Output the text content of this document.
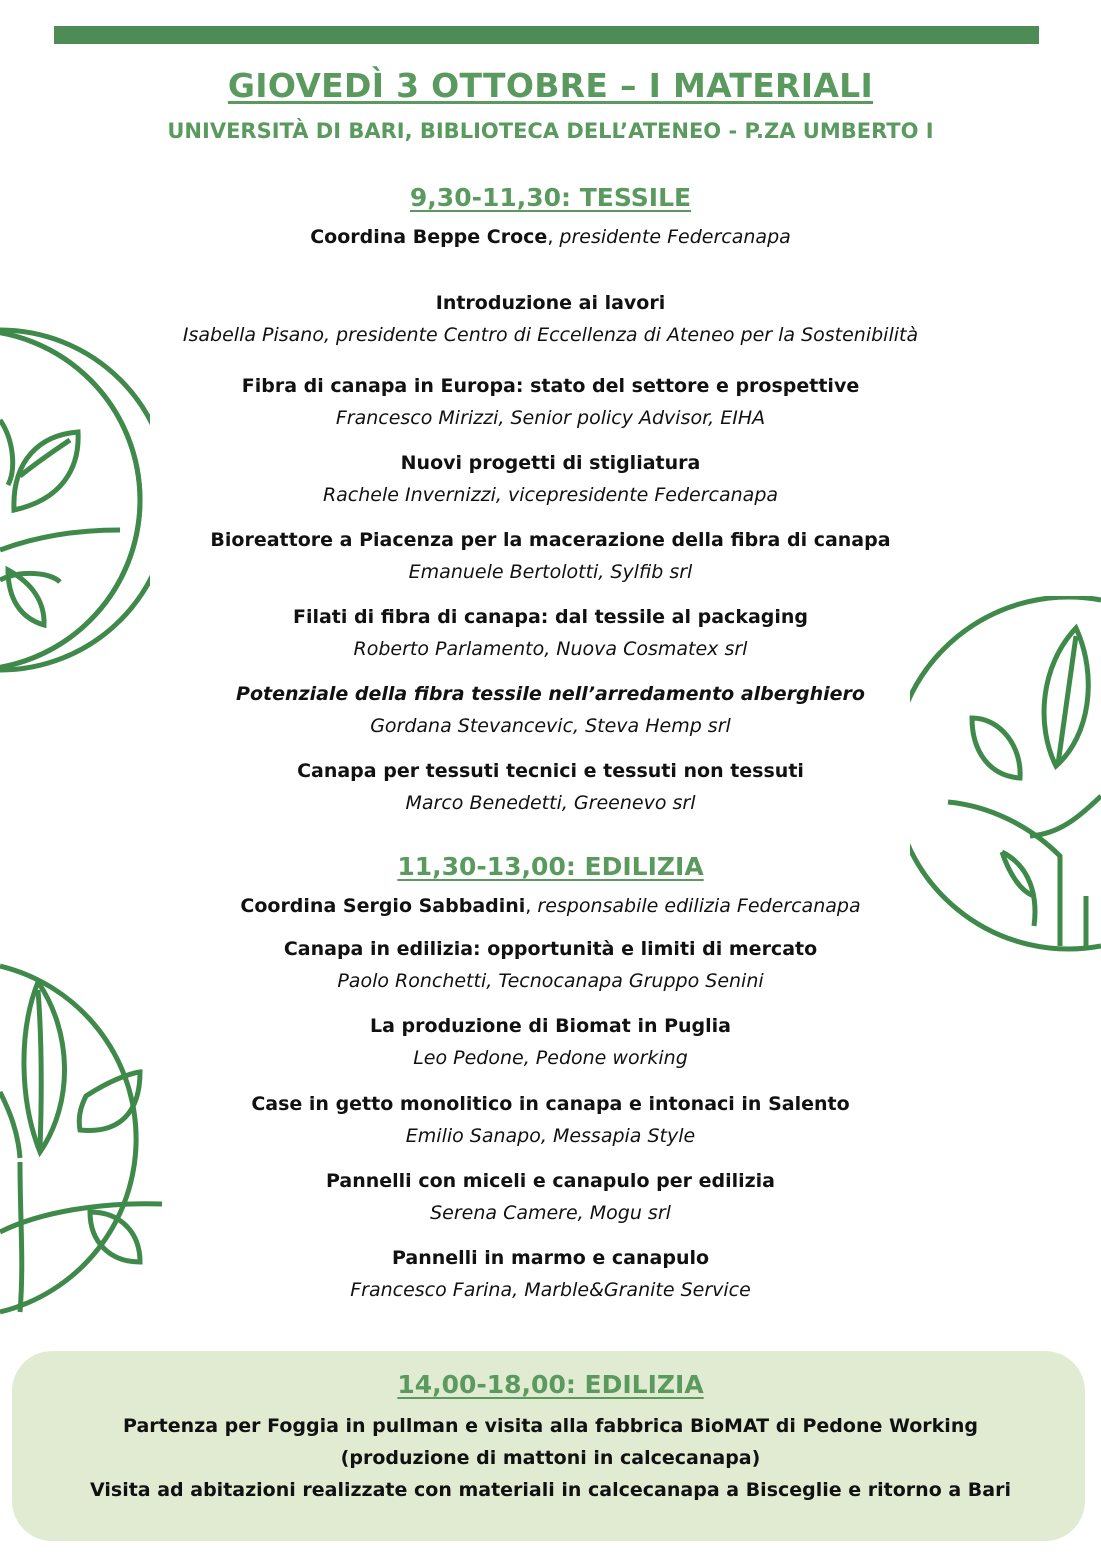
GIOVEDÌ 3 OTTOBRE – I MATERIALI
UNIVERSITÀ DI BARI, BIBLIOTECA DELL’ATENEO - P.ZA UMBERTO I
9,30-11,30: TESSILE
Coordina Beppe Croce, presidente Federcanapa
Introduzione ai lavori
Isabella Pisano, presidente Centro di Eccellenza di Ateneo per la Sostenibilità
Fibra di canapa in Europa: stato del settore e prospettive
Francesco Mirizzi, Senior policy Advisor, EIHA
Nuovi progetti di stigliatura
Rachele Invernizzi, vicepresidente Federcanapa
Bioreattore a Piacenza per la macerazione della fibra di canapa
Emanuele Bertolotti, Sylfib srl
Filati di fibra di canapa: dal tessile al packaging
Roberto Parlamento, Nuova Cosmatex srl
Potenziale della fibra tessile nell’arredamento alberghiero
Gordana Stevancevic, Steva Hemp srl
Canapa per tessuti tecnici e tessuti non tessuti
Marco Benedetti, Greenevo srl
11,30-13,00: EDILIZIA
Coordina Sergio Sabbadini, responsabile edilizia Federcanapa
Canapa in edilizia: opportunità e limiti di mercato
Paolo Ronchetti, Tecnocanapa Gruppo Senini
La produzione di Biomat in Puglia
Leo Pedone, Pedone working
Case in getto monolitico in canapa e intonaci in Salento
Emilio Sanapo, Messapia Style
Pannelli con miceli e canapulo per edilizia
Serena Camere, Mogu srl
Pannelli in marmo e canapulo
Francesco Farina, Marble&Granite Service
14,00-18,00: EDILIZIA
Partenza per Foggia in pullman e visita alla fabbrica BioMAT di Pedone Working
(produzione di mattoni in calcecanapa)
Visita ad abitazioni realizzate con materiali in calcecanapa a Bisceglie e ritorno a Bari
